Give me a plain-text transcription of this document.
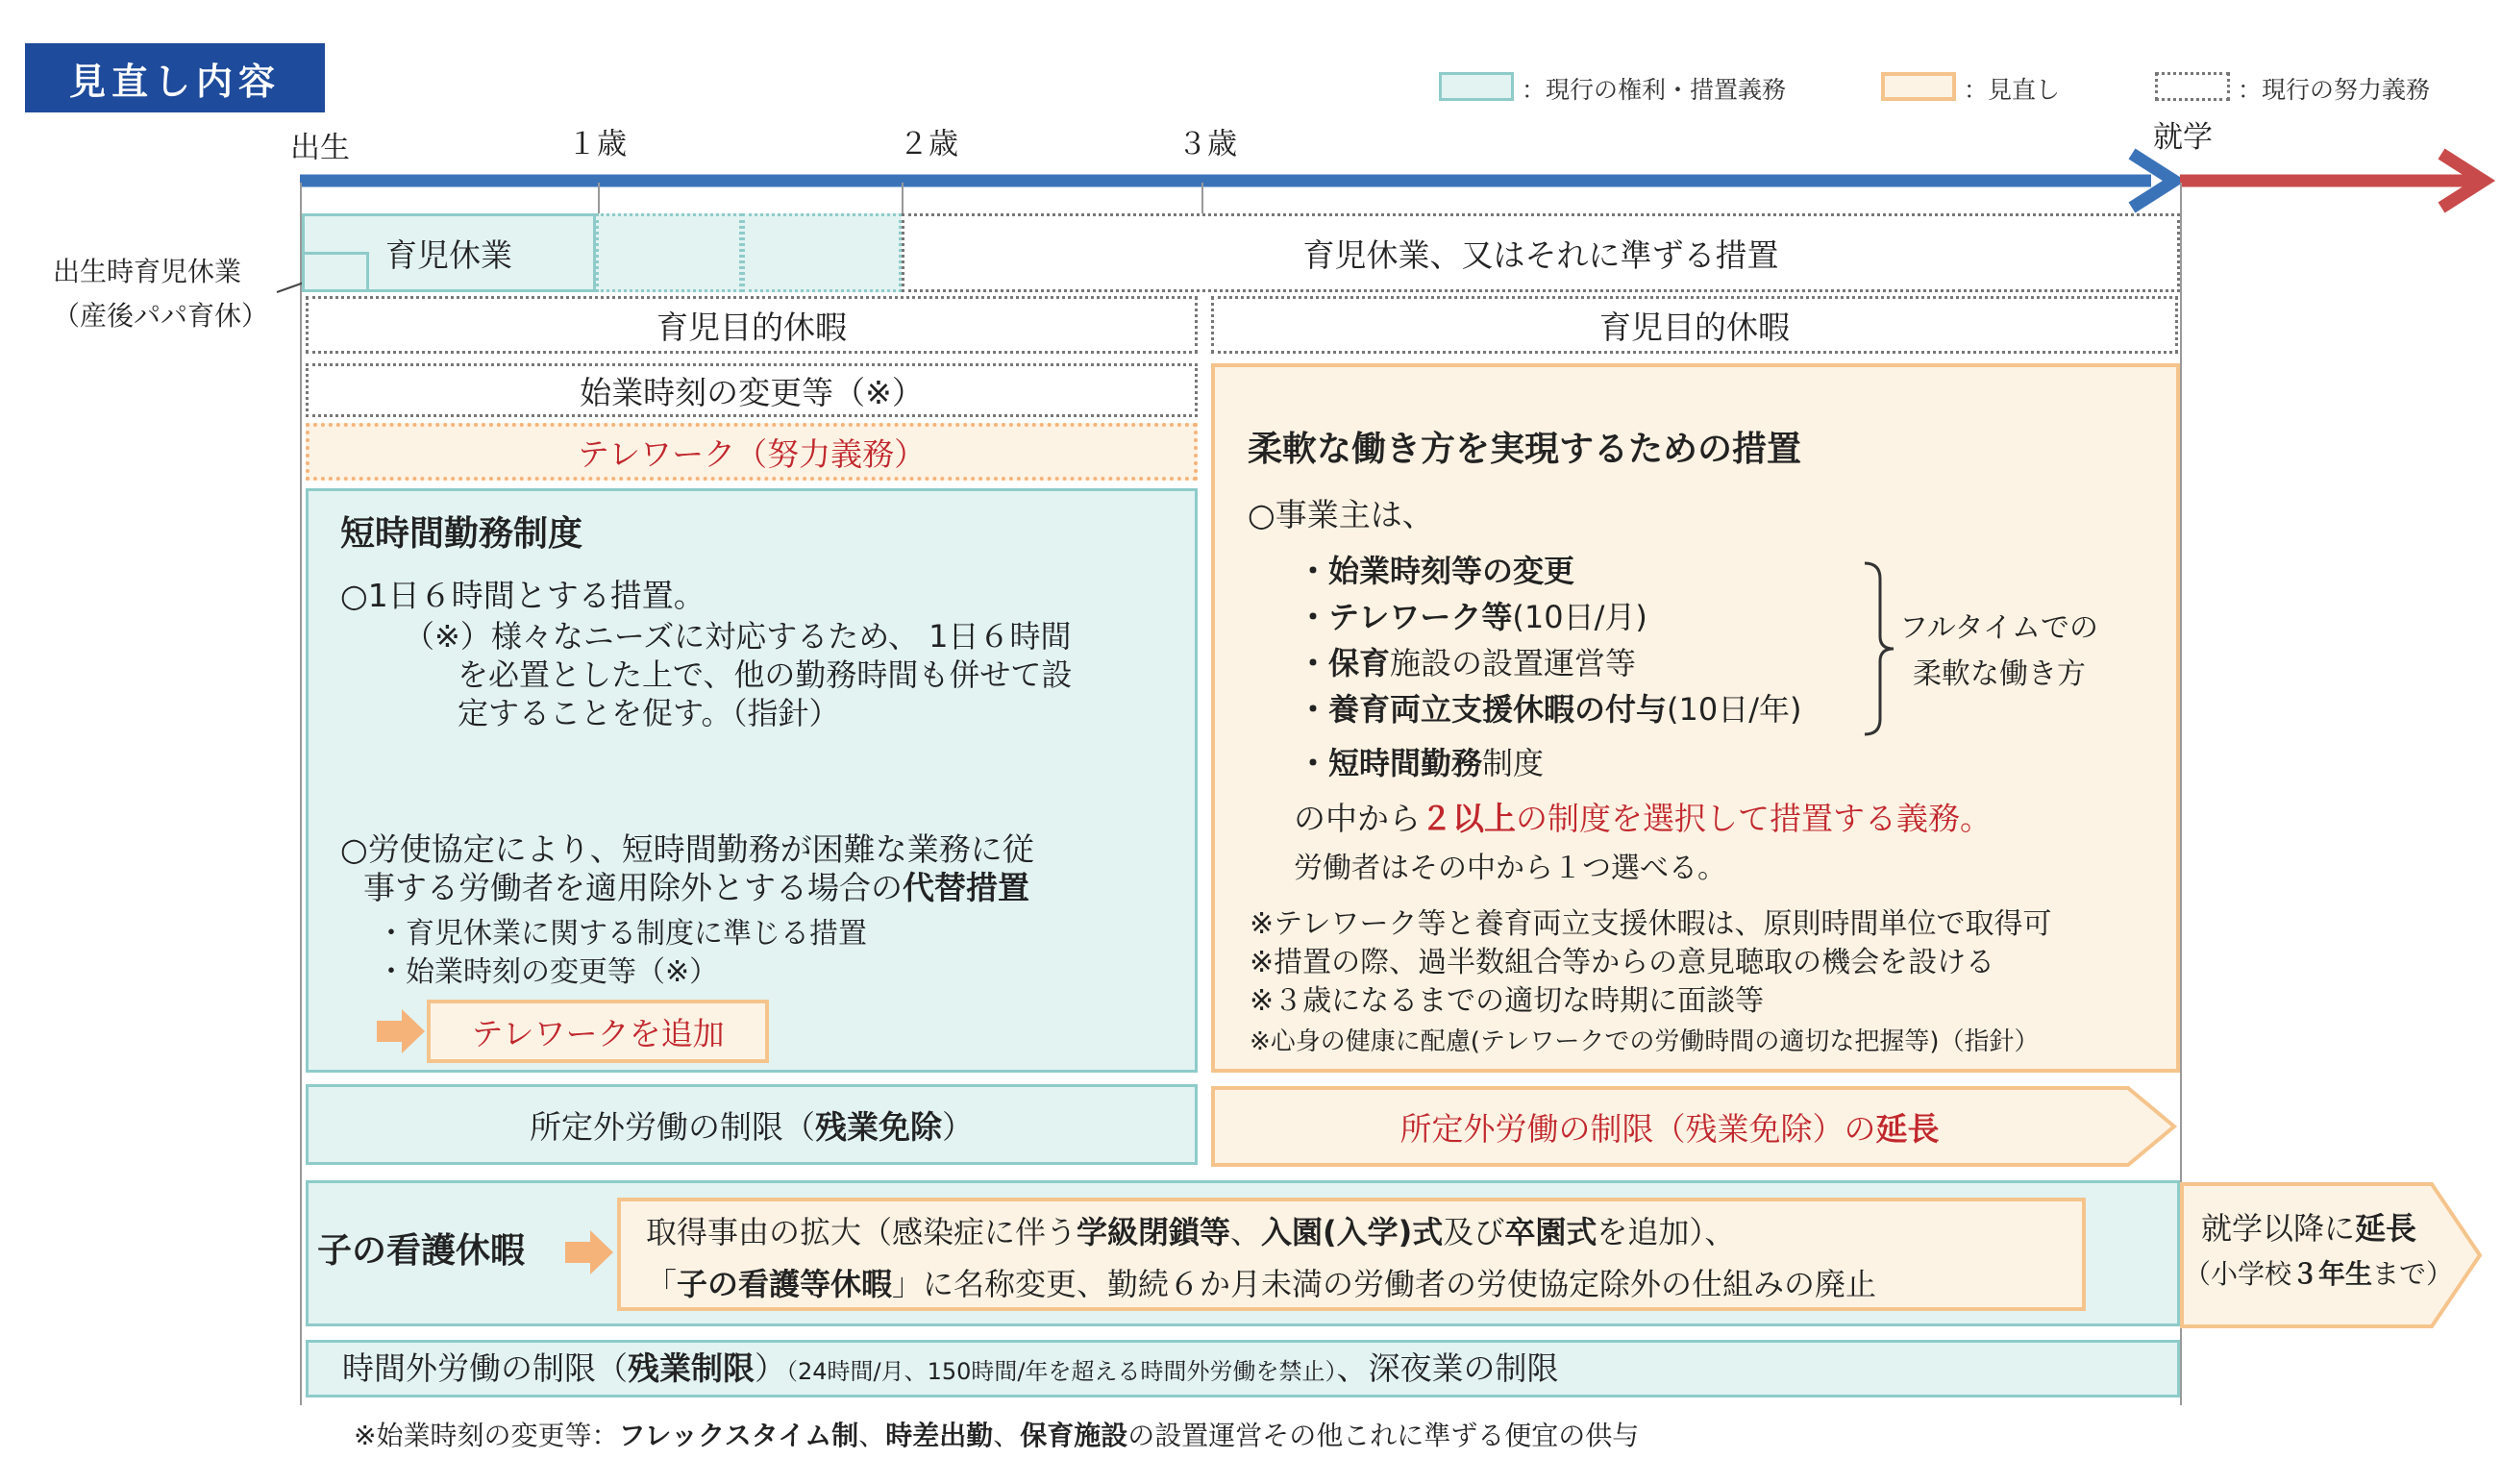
見直し内容	：現行の権利・措置義務	：見直し	：現行の努力義務
出生	１歳	２歳	３歳	就学
出生時育児休業
（産後パパ育休）
育児休業	育児休業、又はそれに準ずる措置
育児目的休暇	育児目的休暇
始業時刻の変更等（※）
テレワーク（努力義務）
短時間勤務制度
○1日６時間とする措置。
（※）様々なニーズに対応するため、 1日６時間
を必置とした上で、他の勤務時間も併せて設
定することを促す。（指針）
○労使協定により、短時間勤務が困難な業務に従
事する労働者を適用除外とする場合の代替措置
・育児休業に関する制度に準じる措置
・始業時刻の変更等（※）
テレワークを追加
柔軟な働き方を実現するための措置
○事業主は、
・始業時刻等の変更
・テレワーク等(10日/月)
・保育施設の設置運営等
・養育両立支援休暇の付与(10日/年)
フルタイムでの
柔軟な働き方
・短時間勤務制度
の中から２以上の制度を選択して措置する義務。
労働者はその中から１つ選べる。
※テレワーク等と養育両立支援休暇は、原則時間単位で取得可
※措置の際、過半数組合等からの意見聴取の機会を設ける
※３歳になるまでの適切な時期に面談等
※心身の健康に配慮(テレワークでの労働時間の適切な把握等)（指針）
所定外労働の制限（ 残業免除 ）	所定外労働の制限（残業免除）の 延長
子の看護休暇	取得事由の拡大（感染症に伴う学級閉鎖等、入園(入学)式及び卒園式を追加）、
「子の看護等休暇」に名称変更、勤続６か月未満の労働者の労使協定除外の仕組みの廃止
就学以降に延長
（小学校３年生まで）
時間外労働の制限（残業制限）（24時間/月、150時間/年を超える時間外労働を禁止）、深夜業の制限
※始業時刻の変更等：フレックスタイム制、時差出勤、保育施設の設置運営その他これに準ずる便宜の供与
